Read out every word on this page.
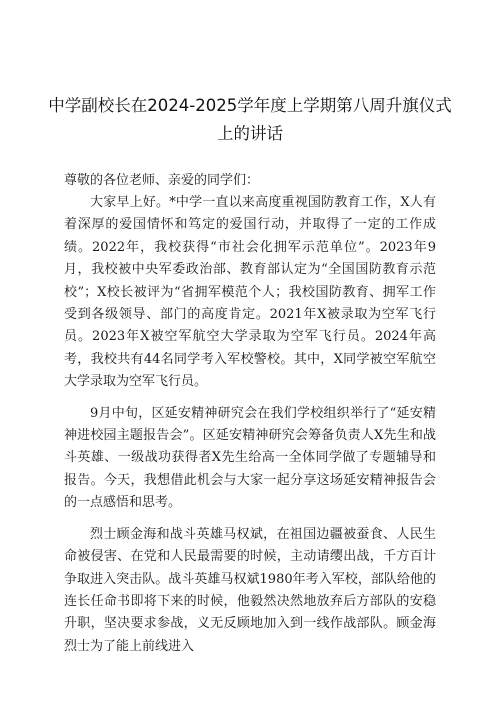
中学副校长在2024-2025学年度上学期第八周升旗仪式
上的讲话

尊敬的各位老师、亲爱的同学们：

大家早上好。*中学一直以来高度重视国防教育工作，X人有着深厚的爱国情怀和笃定的爱国行动，并取得了一定的工作成绩。2022年，我校获得“市社会化拥军示范单位”。2023年9月，我校被中央军委政治部、教育部认定为“全国国防教育示范校”；X校长被评为“省拥军模范个人；我校国防教育、拥军工作受到各级领导、部门的高度肯定。2021年X被录取为空军飞行员。2023年X被空军航空大学录取为空军飞行员。2024年高考，我校共有44名同学考入军校警校。其中，X同学被空军航空大学录取为空军飞行员。

9月中旬，区延安精神研究会在我们学校组织举行了“延安精神进校园主题报告会”。区延安精神研究会筹备负责人X先生和战斗英雄、一级战功获得者X先生给高一全体同学做了专题辅导和报告。今天，我想借此机会与大家一起分享这场延安精神报告会的一点感悟和思考。

烈士顾金海和战斗英雄马权斌，在祖国边疆被蚕食、人民生命被侵害、在党和人民最需要的时候，主动请缨出战，千方百计争取进入突击队。战斗英雄马权斌1980年考入军校，部队给他的连长任命书即将下来的时候，他毅然决然地放弃后方部队的安稳升职，坚决要求参战，义无反顾地加入到一线作战部队。顾金海烈士为了能上前线进入
